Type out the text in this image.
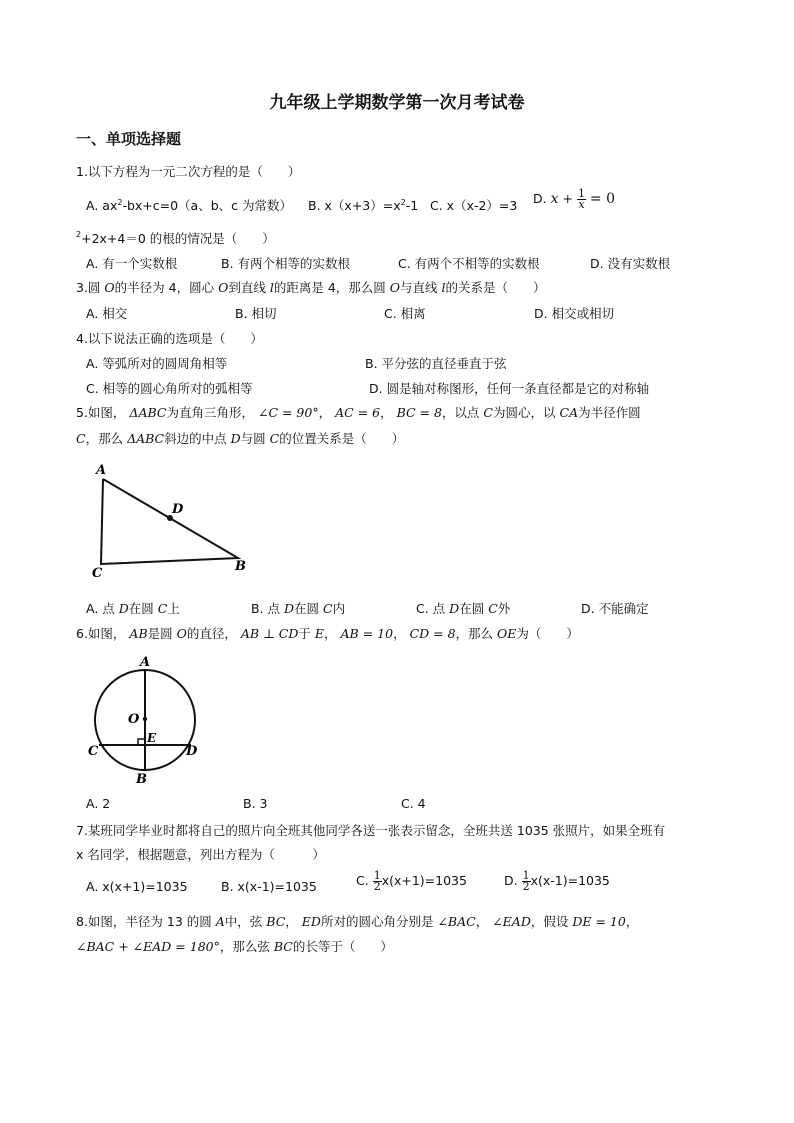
九年级上学期数学第一次月考试卷
一、单项选择题
1.以下方程为一元二次方程的是（　　）
A. $ax^2-bx+c=0(a$、b、c 为常数） B. $x(x+3)=x^2-1$ C. x（x-2）=3 D. $x + \frac{1}{x} = 0$
$^2$+2x+4＝0 的根的情况是（　　）
A. 有一个实数根	B. 有两个相等的实数根	C. 有两个不相等的实数根	D. 没有实数根
3.圆 O的半径为 4，圆心 O到直线 l的距离是 4，那么圆 O与直线 l的关系是（　　）
A. 相交	B. 相切	C. 相离	D. 相交或相切
4.以下说法正确的选项是（　　）
A. 等弧所对的圆周角相等	B. 平分弦的直径垂直于弦
C. 相等的圆心角所对的弧相等	D. 圆是轴对称图形，任何一条直径都是它的对称轴
5.如图， ΔABC为直角三角形， ∠C = 90°， AC = 6， BC = 8，以点 C为圆心，以 CA为半径作圆
C，那么 ΔABC斜边的中点 D与圆 C的位置关系是（　　）
A
C	B
D
A. 点 D在圆 C上	B. 点 D在圆 C内	C. 点 D在圆 C外	D. 不能确定
6.如图， AB是圆 O的直径， AB ⊥ CD于 E， AB = 10， CD = 8，那么 OE为（　　）
A
O
E
C	D
B
A. 2	B. 3	C. 4
7.某班同学毕业时都将自己的照片向全班其他同学各送一张表示留念，全班共送 1035 张照片，如果全班有
x 名同学，根据题意，列出方程为（　　　）
A. x(x+1)=1035	B. x(x-1)=1035	C. $\frac{1}{2} x(x+1)=1035$	D. $\frac{1}{2} x(x-1)=1035$
8.如图，半径为 13 的圆 A中，弦 BC， ED所对的圆心角分别是 ∠BAC， ∠EAD，假设 DE = 10，
∠BAC + ∠EAD = 180°，那么弦 BC的长等于（　　）
